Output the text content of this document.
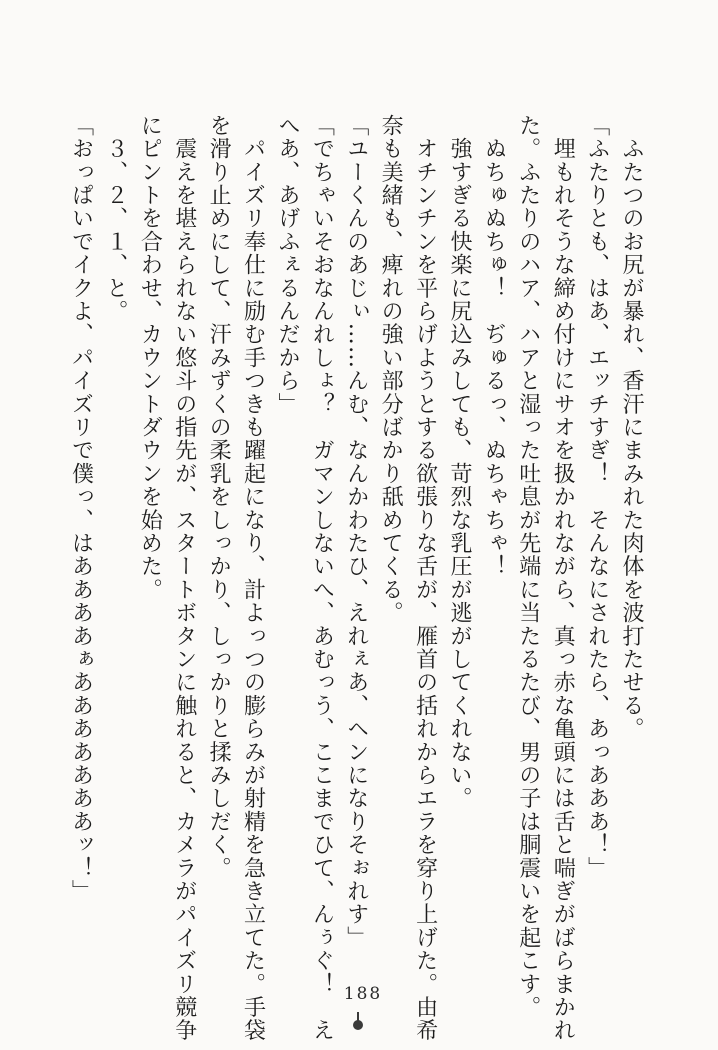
　ふたつのお尻が暴れ、香汗にまみれた肉体を波打たせる。
「ふたりとも、はあ、エッチすぎ！　そんなにされたら、あっあああ！」
　埋もれそうな締め付けにサオを扱かれながら、真っ赤な亀頭には舌と喘ぎがばらまかれ
た。ふたりのハア、ハアと湿った吐息が先端に当たるたび、男の子は胴震いを起こす。
　ぬちゅぬちゅ！　ぢゅるっ、ぬちゃちゃ！
　強すぎる快楽に尻込みしても、苛烈な乳圧が逃がしてくれない。
　オチンチンを平らげようとする欲張りな舌が、雁首の括れからエラを穿り上げた。由希
奈も美緒も、痺れの強い部分ばかり舐めてくる。
「ユーくんのあじぃ……んむ、なんかわたひ、えれぇあ、ヘンになりそぉれす」
「でちゃいそおなんれしょ？　ガマンしないへ、あむっう、ここまでひて、んぅぐ！　え
へあ、あげふぇるんだから」
　パイズリ奉仕に励む手つきも躍起になり、計よっつの膨らみが射精を急き立てた。手袋
を滑り止めにして、汗みずくの柔乳をしっかり、しっかりと揉みしだく。
　震えを堪えられない悠斗の指先が、スタートボタンに触れると、カメラがパイズリ競争
にピントを合わせ、カウントダウンを始めた。
　３、２、１、と。
「おっぱいでイクよ、パイズリで僕っ、はああああぁあああああああッ！」
188
